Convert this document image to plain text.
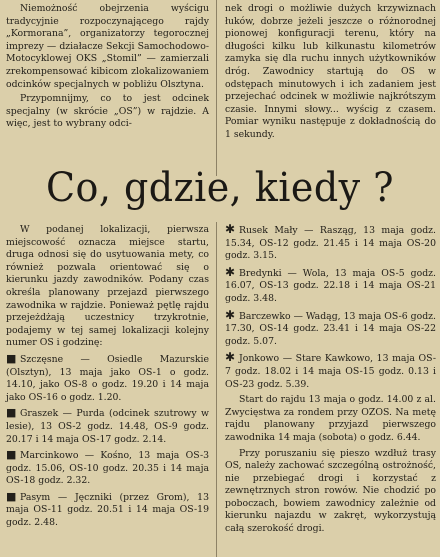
Niemożność obejrzenia wyścigu tradycyjnie rozpoczynającego rajdy „Kormorana”, organizatorzy tegorocznej imprezy — działacze Sekcji Samochodowo-Motocyklowej OKS „Stomil” — zamierzali zrekompensować kibicom zlokalizowaniem odcinków specjalnych w pobliżu Olsztyna.

Przypomnijmy, co to jest odcinek specjalny (w skrócie „OS”) w rajdzie. A więc, jest to wybrany odci-

nek drogi o możliwie dużych krzywiznach łuków, dobrze jeżeli jeszcze o różnorodnej pionowej konfiguracji terenu, który na długości kilku lub kilkunastu kilometrów zamyka się dla ruchu innych użytkowników dróg. Zawodnicy startują do OS w odstępach minutowych i ich zadaniem jest przejechać odcinek w możliwie najkrótszym czasie. Innymi słowy... wyścig z czasem. Pomiar wyniku następuje z dokładnością do 1 sekundy.

Co, gdzie, kiedy ?

W podanej lokalizacji, pierwsza miejscowość oznacza miejsce startu, druga odnosi się do usytuowania mety, co również pozwala orientować się o kierunku jazdy zawodników. Podany czas określa planowany przejazd pierwszego zawodnika w rajdzie. Ponieważ pętlę rajdu przejeżdżają uczestnicy trzykrotnie, podajemy w tej samej lokalizacji kolejny numer OS i godzinę:

■ Szczęsne — Osiedle Mazurskie (Olsztyn), 13 maja jako OS-1 o godz. 14.10, jako OS-8 o godz. 19.20 i 14 maja jako OS-16 o godz. 1.20.

■ Graszek — Purda (odcinek szutrowy w lesie), 13 OS-2 godz. 14.48, OS-9 godz. 20.17 i 14 maja OS-17 godz. 2.14.

■ Marcinkowo — Kośno, 13 maja OS-3 godz. 15.06, OS-10 godz. 20.35 i 14 maja OS-18 godz. 2.32.

■ Pasym — Jęczniki (przez Grom), 13 maja OS-11 godz. 20.51 i 14 maja OS-19 godz. 2.48.

✱ Rusek Mały — Rasząg, 13 maja godz. 15.34, OS-12 godz. 21.45 i 14 maja OS-20 godz. 3.15.

✱ Bredynki — Wola, 13 maja OS-5 godz. 16.07, OS-13 godz. 22.18 i 14 maja OS-21 godz. 3.48.

✱ Barczewko — Wadąg, 13 maja OS-6 godz. 17.30, OS-14 godz. 23.41 i 14 maja OS-22 godz. 5.07.

✱ Jonkowo — Stare Kawkowo, 13 maja OS-7 godz. 18.02 i 14 maja OS-15 godz. 0.13 i OS-23 godz. 5.39.

Start do rajdu 13 maja o godz. 14.00 z al. Zwycięstwa za rondem przy OZOS. Na metę rajdu planowany przyjazd pierwszego zawodnika 14 maja (sobota) o godz. 6.44.

Przy poruszaniu się pieszo wzdłuż trasy OS, należy zachować szczególną ostrożność, nie przebiegać drogi i korzystać z zewnętrznych stron rowów. Nie chodzić po poboczach, bowiem zawodnicy zależnie od kierunku najazdu w zakręt, wykorzystują całą szerokość drogi.
